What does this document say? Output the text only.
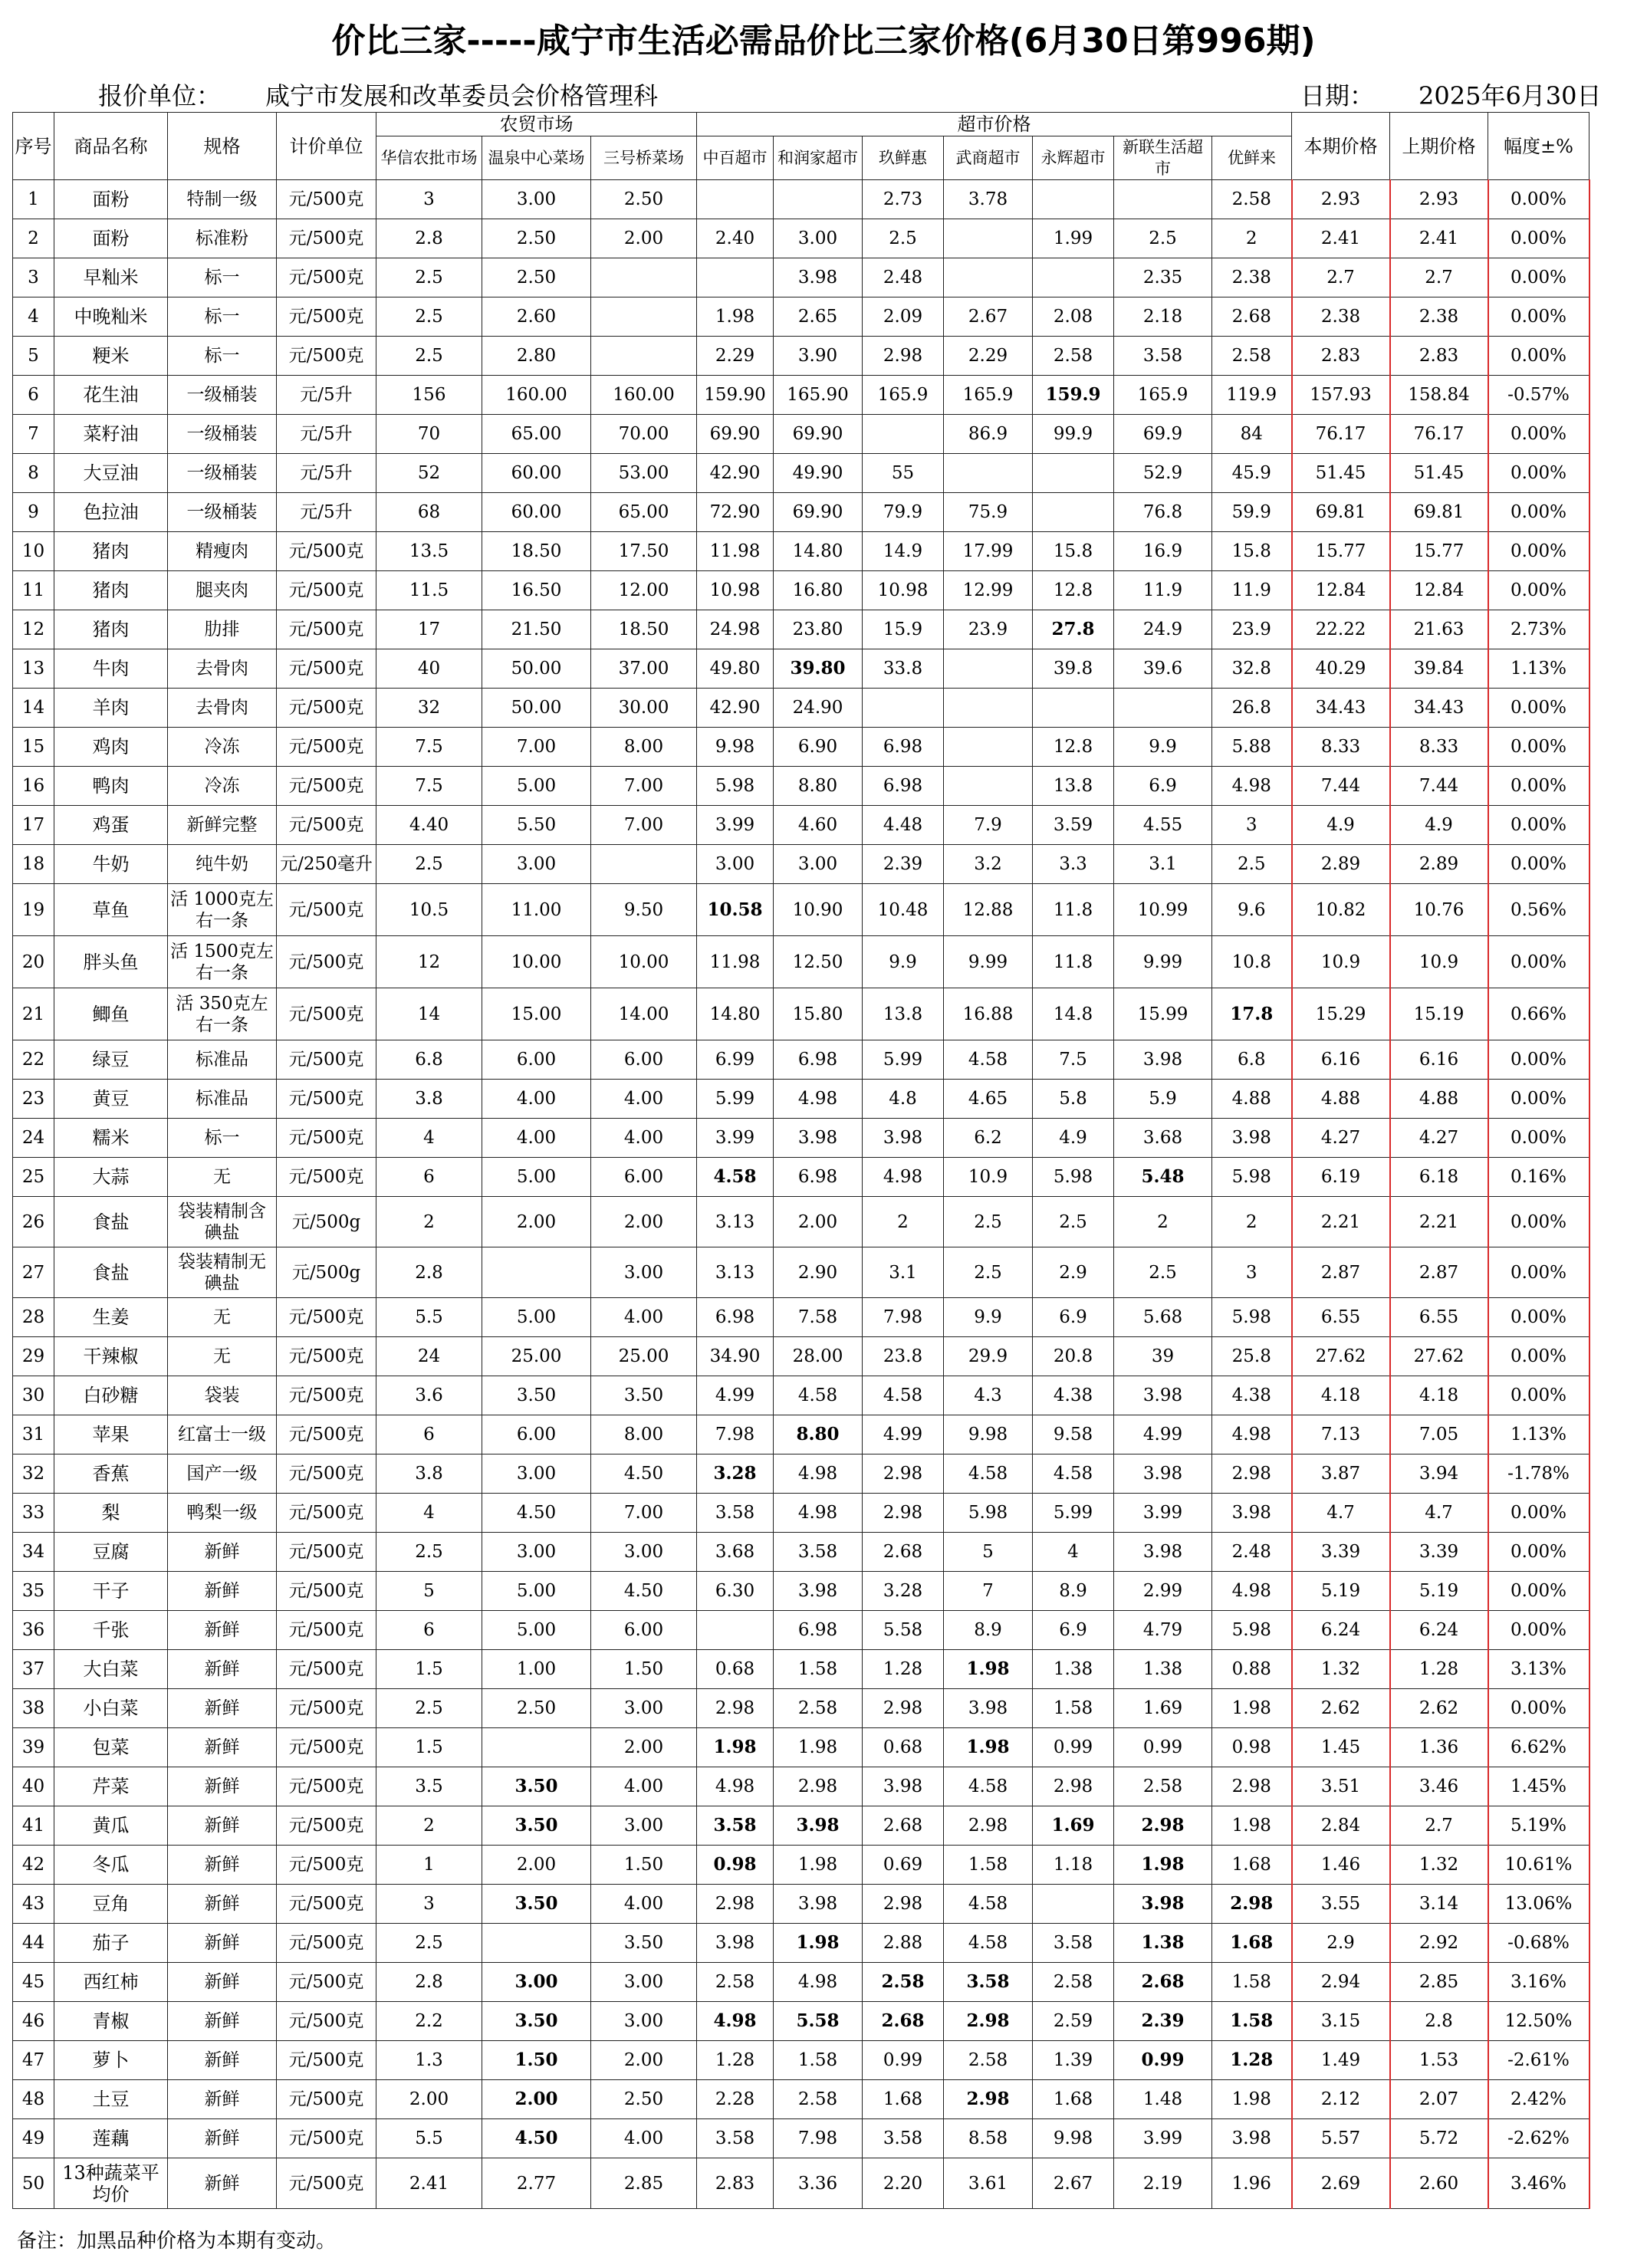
价比三家-----咸宁市生活必需品价比三家价格(6月30日第996期)
报价单位： 咸宁市发展和改革委员会价格管理科	日期： 2025年6月30日
序号	商品名称	规格	计价单位	农贸市场			超市价格							本期价格	上期价格	幅度±%
				华信农批市场	温泉中心菜场	三号桥菜场	中百超市	和润家超市	玖鲜惠	武商超市	永辉超市	新联生活超市	优鲜来			
1	面粉	特制一级	元/500克	3	3.00	2.50			2.73	3.78			2.58	2.93	2.93	0.00%
2	面粉	标准粉	元/500克	2.8	2.50	2.00	2.40	3.00	2.5		1.99	2.5	2	2.41	2.41	0.00%
3	早籼米	标一	元/500克	2.5	2.50			3.98	2.48			2.35	2.38	2.7	2.7	0.00%
4	中晚籼米	标一	元/500克	2.5	2.60		1.98	2.65	2.09	2.67	2.08	2.18	2.68	2.38	2.38	0.00%
5	粳米	标一	元/500克	2.5	2.80		2.29	3.90	2.98	2.29	2.58	3.58	2.58	2.83	2.83	0.00%
6	花生油	一级桶装	元/5升	156	160.00	160.00	159.90	165.90	165.9	165.9	159.9	165.9	119.9	157.93	158.84	-0.57%
7	菜籽油	一级桶装	元/5升	70	65.00	70.00	69.90	69.90		86.9	99.9	69.9	84	76.17	76.17	0.00%
8	大豆油	一级桶装	元/5升	52	60.00	53.00	42.90	49.90	55			52.9	45.9	51.45	51.45	0.00%
9	色拉油	一级桶装	元/5升	68	60.00	65.00	72.90	69.90	79.9	75.9		76.8	59.9	69.81	69.81	0.00%
10	猪肉	精瘦肉	元/500克	13.5	18.50	17.50	11.98	14.80	14.9	17.99	15.8	16.9	15.8	15.77	15.77	0.00%
11	猪肉	腿夹肉	元/500克	11.5	16.50	12.00	10.98	16.80	10.98	12.99	12.8	11.9	11.9	12.84	12.84	0.00%
12	猪肉	肋排	元/500克	17	21.50	18.50	24.98	23.80	15.9	23.9	27.8	24.9	23.9	22.22	21.63	2.73%
13	牛肉	去骨肉	元/500克	40	50.00	37.00	49.80	39.80	33.8		39.8	39.6	32.8	40.29	39.84	1.13%
14	羊肉	去骨肉	元/500克	32	50.00	30.00	42.90	24.90					26.8	34.43	34.43	0.00%
15	鸡肉	冷冻	元/500克	7.5	7.00	8.00	9.98	6.90	6.98		12.8	9.9	5.88	8.33	8.33	0.00%
16	鸭肉	冷冻	元/500克	7.5	5.00	7.00	5.98	8.80	6.98		13.8	6.9	4.98	7.44	7.44	0.00%
17	鸡蛋	新鲜完整	元/500克	4.40	5.50	7.00	3.99	4.60	4.48	7.9	3.59	4.55	3	4.9	4.9	0.00%
18	牛奶	纯牛奶	元/250毫升	2.5	3.00		3.00	3.00	2.39	3.2	3.3	3.1	2.5	2.89	2.89	0.00%
19	草鱼	活 1000克左右一条	元/500克	10.5	11.00	9.50	10.58	10.90	10.48	12.88	11.8	10.99	9.6	10.82	10.76	0.56%
20	胖头鱼	活 1500克左右一条	元/500克	12	10.00	10.00	11.98	12.50	9.9	9.99	11.8	9.99	10.8	10.9	10.9	0.00%
21	鲫鱼	活 350克左右一条	元/500克	14	15.00	14.00	14.80	15.80	13.8	16.88	14.8	15.99	17.8	15.29	15.19	0.66%
22	绿豆	标准品	元/500克	6.8	6.00	6.00	6.99	6.98	5.99	4.58	7.5	3.98	6.8	6.16	6.16	0.00%
23	黄豆	标准品	元/500克	3.8	4.00	4.00	5.99	4.98	4.8	4.65	5.8	5.9	4.88	4.88	4.88	0.00%
24	糯米	标一	元/500克	4	4.00	4.00	3.99	3.98	3.98	6.2	4.9	3.68	3.98	4.27	4.27	0.00%
25	大蒜	无	元/500克	6	5.00	6.00	4.58	6.98	4.98	10.9	5.98	5.48	5.98	6.19	6.18	0.16%
26	食盐	袋装精制含碘盐	元/500g	2	2.00	2.00	3.13	2.00	2	2.5	2.5	2	2	2.21	2.21	0.00%
27	食盐	袋装精制无碘盐	元/500g	2.8		3.00	3.13	2.90	3.1	2.5	2.9	2.5	3	2.87	2.87	0.00%
28	生姜	无	元/500克	5.5	5.00	4.00	6.98	7.58	7.98	9.9	6.9	5.68	5.98	6.55	6.55	0.00%
29	干辣椒	无	元/500克	24	25.00	25.00	34.90	28.00	23.8	29.9	20.8	39	25.8	27.62	27.62	0.00%
30	白砂糖	袋装	元/500克	3.6	3.50	3.50	4.99	4.58	4.58	4.3	4.38	3.98	4.38	4.18	4.18	0.00%
31	苹果	红富士一级	元/500克	6	6.00	8.00	7.98	8.80	4.99	9.98	9.58	4.99	4.98	7.13	7.05	1.13%
32	香蕉	国产一级	元/500克	3.8	3.00	4.50	3.28	4.98	2.98	4.58	4.58	3.98	2.98	3.87	3.94	-1.78%
33	梨	鸭梨一级	元/500克	4	4.50	7.00	3.58	4.98	2.98	5.98	5.99	3.99	3.98	4.7	4.7	0.00%
34	豆腐	新鲜	元/500克	2.5	3.00	3.00	3.68	3.58	2.68	5	4	3.98	2.48	3.39	3.39	0.00%
35	干子	新鲜	元/500克	5	5.00	4.50	6.30	3.98	3.28	7	8.9	2.99	4.98	5.19	5.19	0.00%
36	千张	新鲜	元/500克	6	5.00	6.00		6.98	5.58	8.9	6.9	4.79	5.98	6.24	6.24	0.00%
37	大白菜	新鲜	元/500克	1.5	1.00	1.50	0.68	1.58	1.28	1.98	1.38	1.38	0.88	1.32	1.28	3.13%
38	小白菜	新鲜	元/500克	2.5	2.50	3.00	2.98	2.58	2.98	3.98	1.58	1.69	1.98	2.62	2.62	0.00%
39	包菜	新鲜	元/500克	1.5		2.00	1.98	1.98	0.68	1.98	0.99	0.99	0.98	1.45	1.36	6.62%
40	芹菜	新鲜	元/500克	3.5	3.50	4.00	4.98	2.98	3.98	4.58	2.98	2.58	2.98	3.51	3.46	1.45%
41	黄瓜	新鲜	元/500克	2	3.50	3.00	3.58	3.98	2.68	2.98	1.69	2.98	1.98	2.84	2.7	5.19%
42	冬瓜	新鲜	元/500克	1	2.00	1.50	0.98	1.98	0.69	1.58	1.18	1.98	1.68	1.46	1.32	10.61%
43	豆角	新鲜	元/500克	3	3.50	4.00	2.98	3.98	2.98	4.58		3.98	2.98	3.55	3.14	13.06%
44	茄子	新鲜	元/500克	2.5		3.50	3.98	1.98	2.88	4.58	3.58	1.38	1.68	2.9	2.92	-0.68%
45	西红柿	新鲜	元/500克	2.8	3.00	3.00	2.58	4.98	2.58	3.58	2.58	2.68	1.58	2.94	2.85	3.16%
46	青椒	新鲜	元/500克	2.2	3.50	3.00	4.98	5.58	2.68	2.98	2.59	2.39	1.58	3.15	2.8	12.50%
47	萝卜	新鲜	元/500克	1.3	1.50	2.00	1.28	1.58	0.99	2.58	1.39	0.99	1.28	1.49	1.53	-2.61%
48	土豆	新鲜	元/500克	2.00	2.00	2.50	2.28	2.58	1.68	2.98	1.68	1.48	1.98	2.12	2.07	2.42%
49	莲藕	新鲜	元/500克	5.5	4.50	4.00	3.58	7.98	3.58	8.58	9.98	3.99	3.98	5.57	5.72	-2.62%
50	13种蔬菜平均价	新鲜	元/500克	2.41	2.77	2.85	2.83	3.36	2.20	3.61	2.67	2.19	1.96	2.69	2.60	3.46%
备注：加黑品种价格为本期有变动。
